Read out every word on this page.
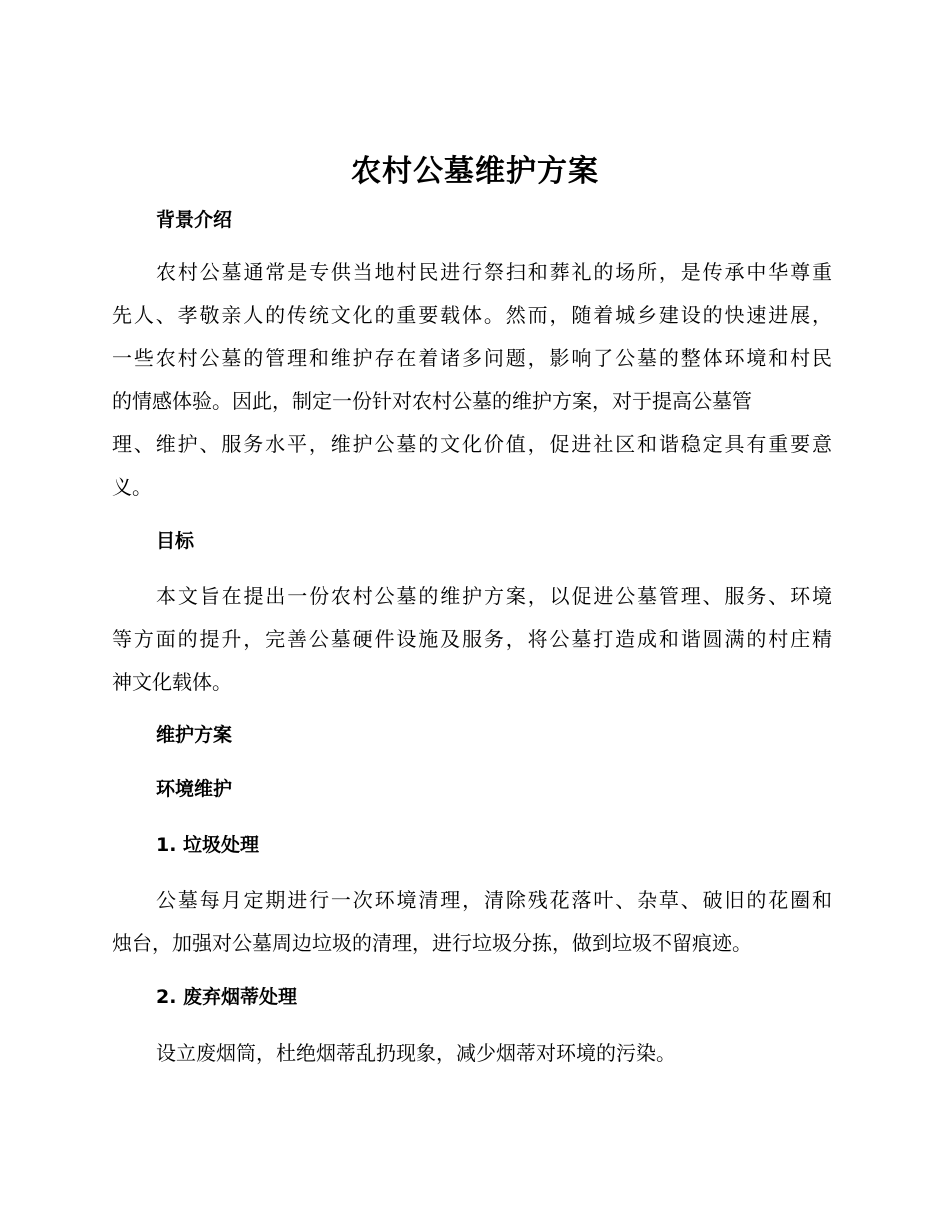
农村公墓维护方案
背景介绍
农村公墓通常是专供当地村民进行祭扫和葬礼的场所，是传承中华尊重
先人、孝敬亲人的传统文化的重要载体。然而，随着城乡建设的快速进展，
一些农村公墓的管理和维护存在着诸多问题，影响了公墓的整体环境和村民
的情感体验。因此，制定一份针对农村公墓的维护方案，对于提高公墓管
理、维护、服务水平，维护公墓的文化价值，促进社区和谐稳定具有重要意
义。
目标
本文旨在提出一份农村公墓的维护方案，以促进公墓管理、服务、环境
等方面的提升，完善公墓硬件设施及服务，将公墓打造成和谐圆满的村庄精
神文化载体。
维护方案
环境维护
1. 垃圾处理
公墓每月定期进行一次环境清理，清除残花落叶、杂草、破旧的花圈和
烛台，加强对公墓周边垃圾的清理，进行垃圾分拣，做到垃圾不留痕迹。
2. 废弃烟蒂处理
设立废烟筒，杜绝烟蒂乱扔现象，减少烟蒂对环境的污染。
